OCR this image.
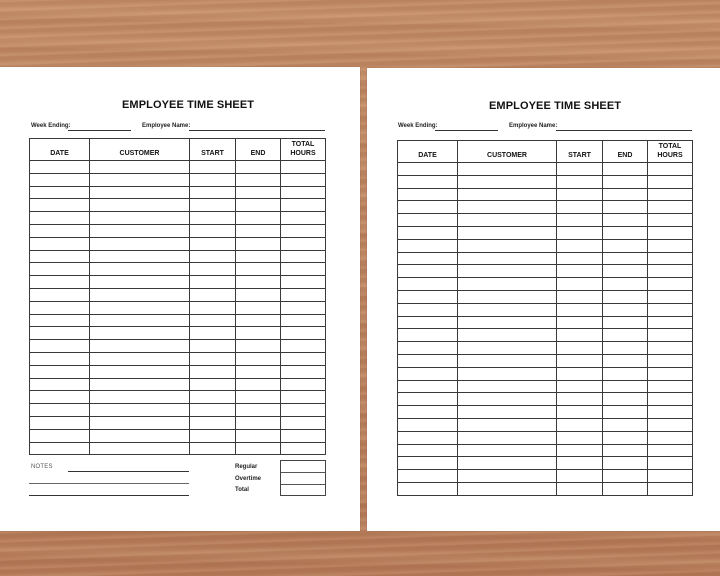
EMPLOYEE TIME SHEET
Week Ending:	Employee Name:
DATE	CUSTOMER	START	END	TOTAL
HOURS

NOTES	Regular
Overtime
Total
EMPLOYEE TIME SHEET
Week Ending:	Employee Name:
DATE	CUSTOMER	START	END	TOTAL
HOURS
